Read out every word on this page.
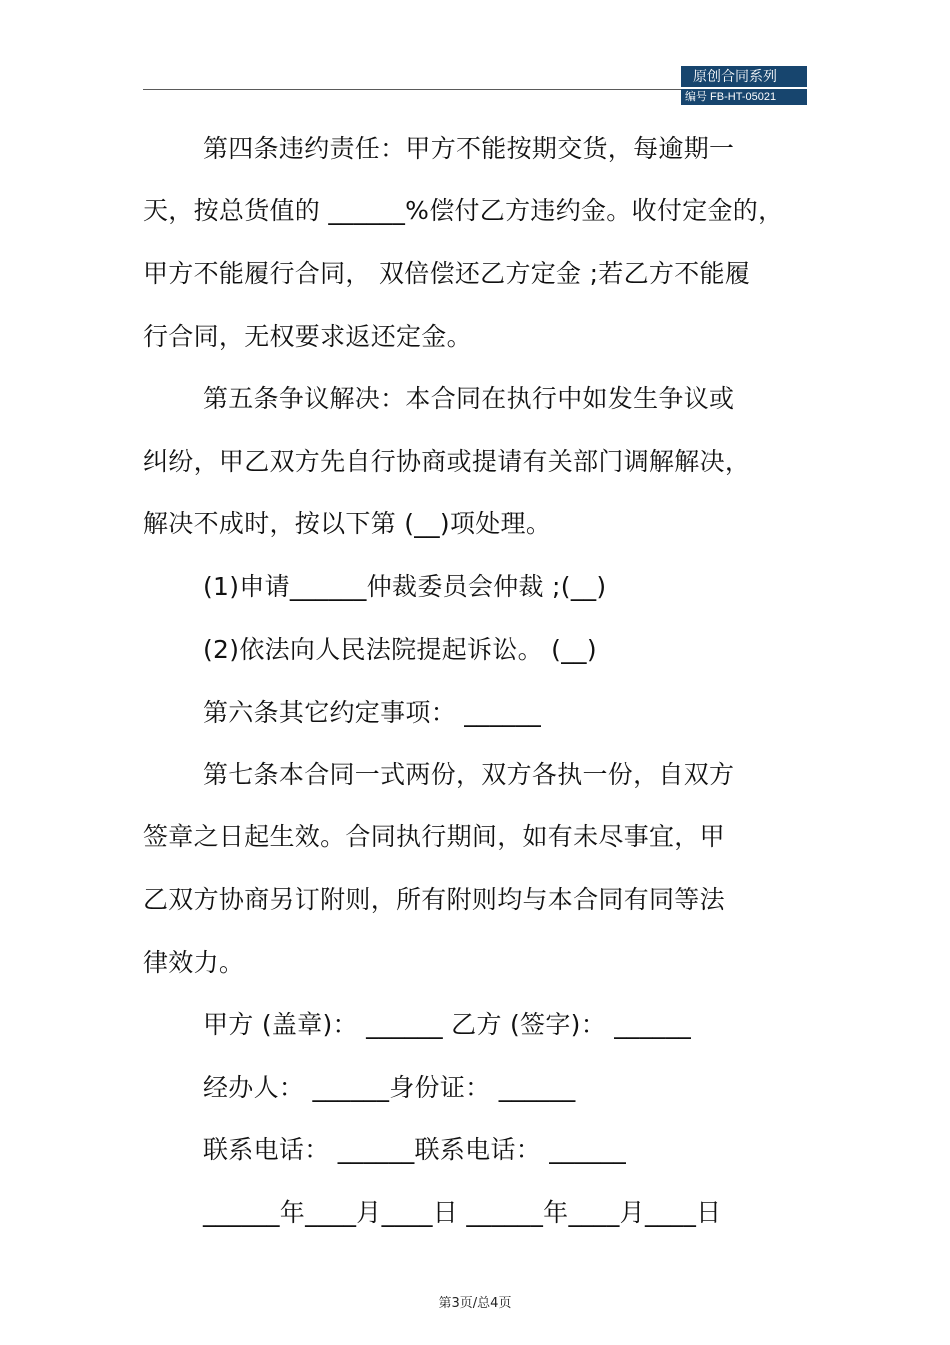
原创合同系列
编号 FB-HT-05021
第四条违约责任：甲方不能按期交货，每逾期一
天，按总货值的 ______%偿付乙方违约金。收付定金的，
甲方不能履行合同， 双倍偿还乙方定金 ;若乙方不能履
行合同，无权要求返还定金。
第五条争议解决：本合同在执行中如发生争议或
纠纷，甲乙双方先自行协商或提请有关部门调解解决，
解决不成时，按以下第 (__)项处理。
(1)申请______仲裁委员会仲裁 ;(__)
(2)依法向人民法院提起诉讼。 (__)
第六条其它约定事项： ______
第七条本合同一式两份，双方各执一份，自双方
签章之日起生效。合同执行期间，如有未尽事宜，甲
乙双方协商另订附则，所有附则均与本合同有同等法
律效力。
甲方 (盖章)： ______ 乙方 (签字)： ______
经办人： ______身份证： ______
联系电话： ______联系电话： ______
______年____月____日 ______年____月____日
第3页/总4页
